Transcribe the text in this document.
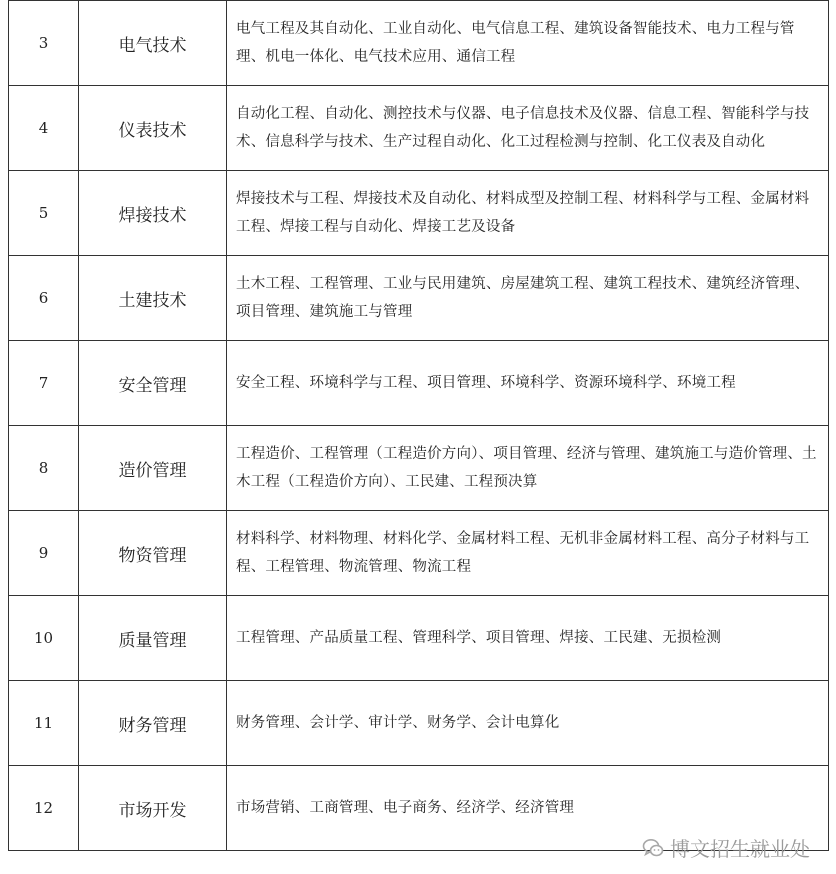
3	电气技术	电气工程及其自动化、工业自动化、电气信息工程、建筑设备智能技术、电力工程与管理、机电一体化、电气技术应用、通信工程
4	仪表技术	自动化工程、自动化、测控技术与仪器、电子信息技术及仪器、信息工程、智能科学与技术、信息科学与技术、生产过程自动化、化工过程检测与控制、化工仪表及自动化
5	焊接技术	焊接技术与工程、焊接技术及自动化、材料成型及控制工程、材料科学与工程、金属材料工程、焊接工程与自动化、焊接工艺及设备
6	土建技术	土木工程、工程管理、工业与民用建筑、房屋建筑工程、建筑工程技术、建筑经济管理、项目管理、建筑施工与管理
7	安全管理	安全工程、环境科学与工程、项目管理、环境科学、资源环境科学、环境工程
8	造价管理	工程造价、工程管理（工程造价方向）、项目管理、经济与管理、建筑施工与造价管理、土木工程（工程造价方向）、工民建、工程预决算
9	物资管理	材料科学、材料物理、材料化学、金属材料工程、无机非金属材料工程、高分子材料与工程、工程管理、物流管理、物流工程
10	质量管理	工程管理、产品质量工程、管理科学、项目管理、焊接、工民建、无损检测
11	财务管理	财务管理、会计学、审计学、财务学、会计电算化
12	市场开发	市场营销、工商管理、电子商务、经济学、经济管理
博文招生就业处
